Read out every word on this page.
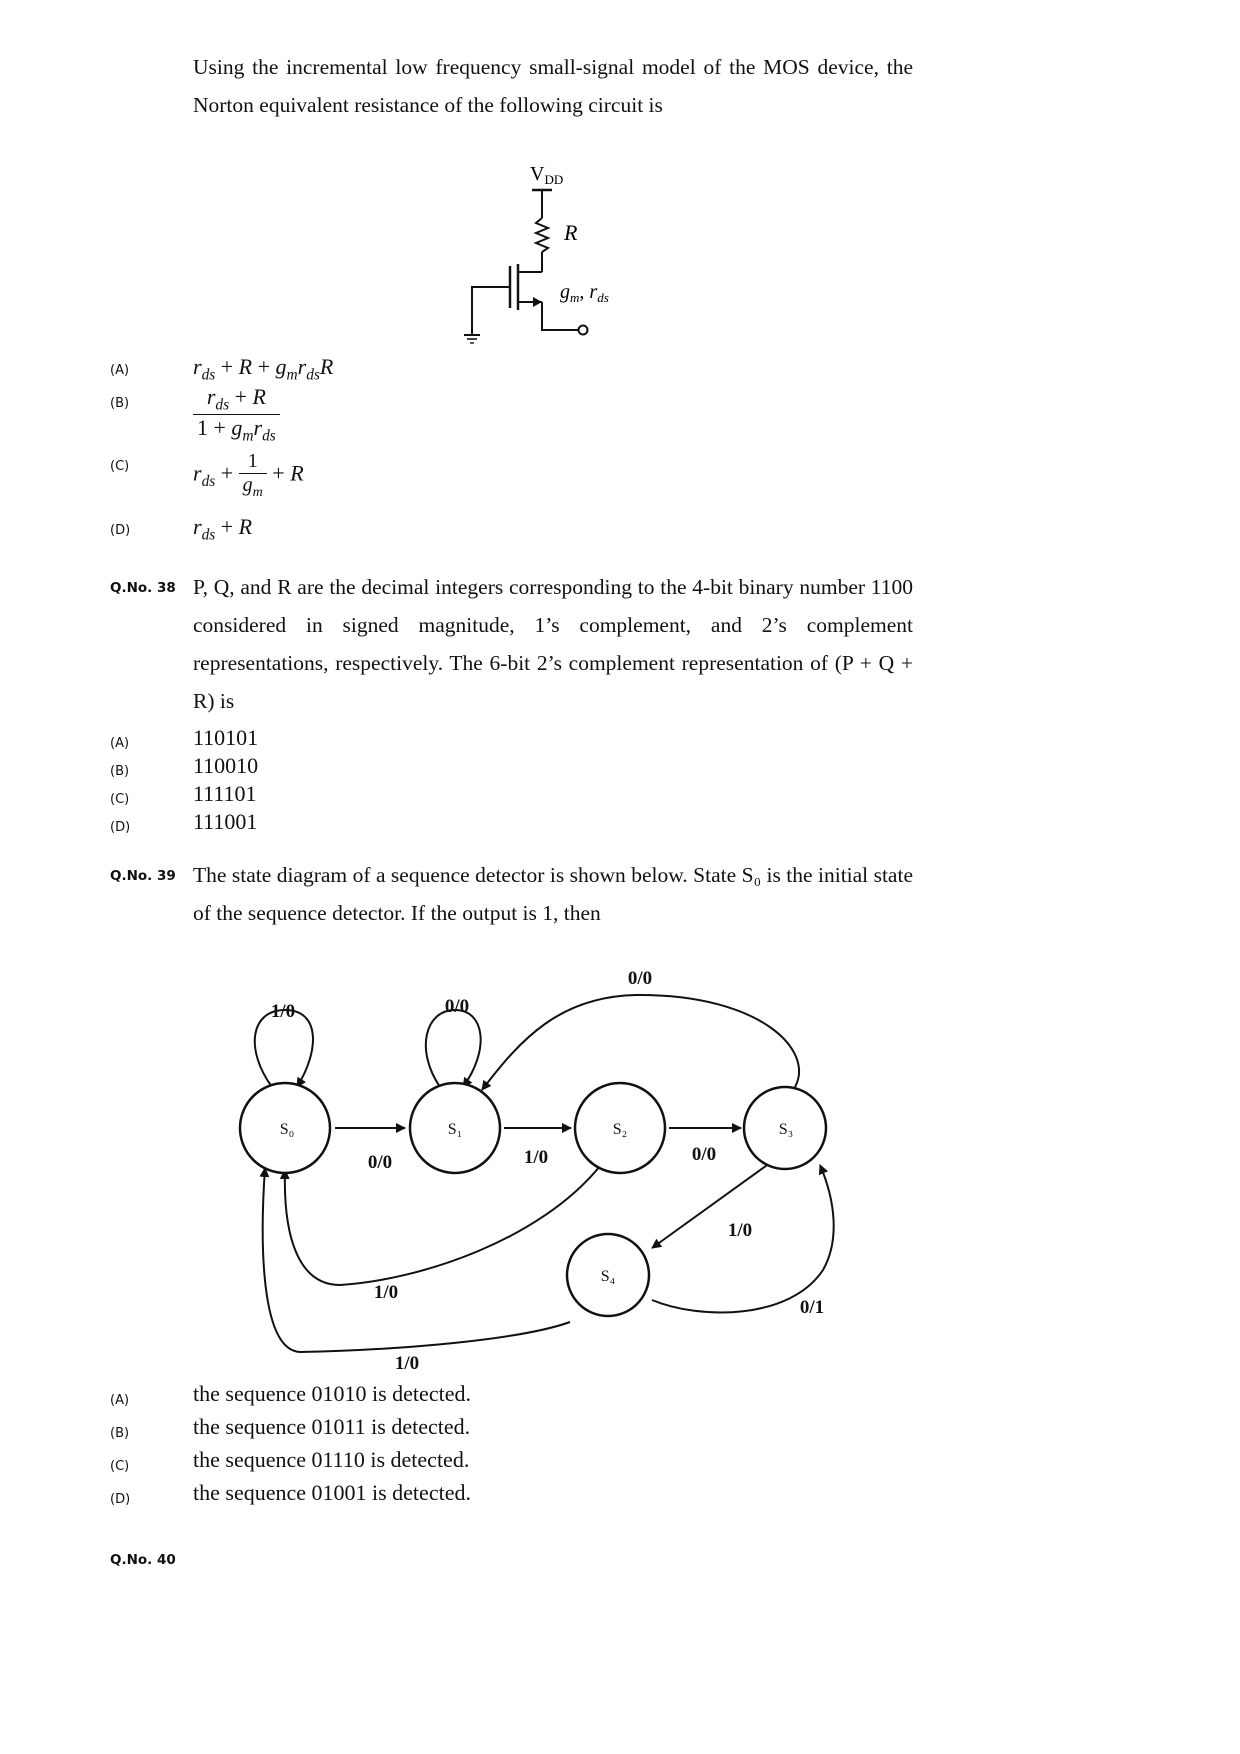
Using the incremental low frequency small-signal model of the MOS device, the Norton equivalent resistance of the following circuit is
$V_{DD}$
R
$g_m$, $r_{ds}$
(A)	$r_{ds} + R + g_mr_{ds}R$
(B)	$\frac{r_{ds} + R}{1 + g_mr_{ds}}$
(C)	$r_{ds} + \frac{1}{g_m} + R$
(D)	$r_{ds} + R$
Q.No. 38 P, Q, and R are the decimal integers corresponding to the 4-bit binary number 1100 considered in signed magnitude, 1’s complement, and 2’s complement representations, respectively. The 6-bit 2’s complement representation of (P + Q + R) is
(A)	110101
(B)	110010
(C)	111101
(D)	111001
Q.No. 39 The state diagram of a sequence detector is shown below. State S₀ is the initial state of the sequence detector. If the output is 1, then
S₀	S₁	S₂	S₃
S₄
1/0	0/0
0/0
0/0	1/0	0/0
1/0
0/1
1/0
1/0
(A)	the sequence 01010 is detected.
(B)	the sequence 01011 is detected.
(C)	the sequence 01110 is detected.
(D)	the sequence 01001 is detected.
Q.No. 40
